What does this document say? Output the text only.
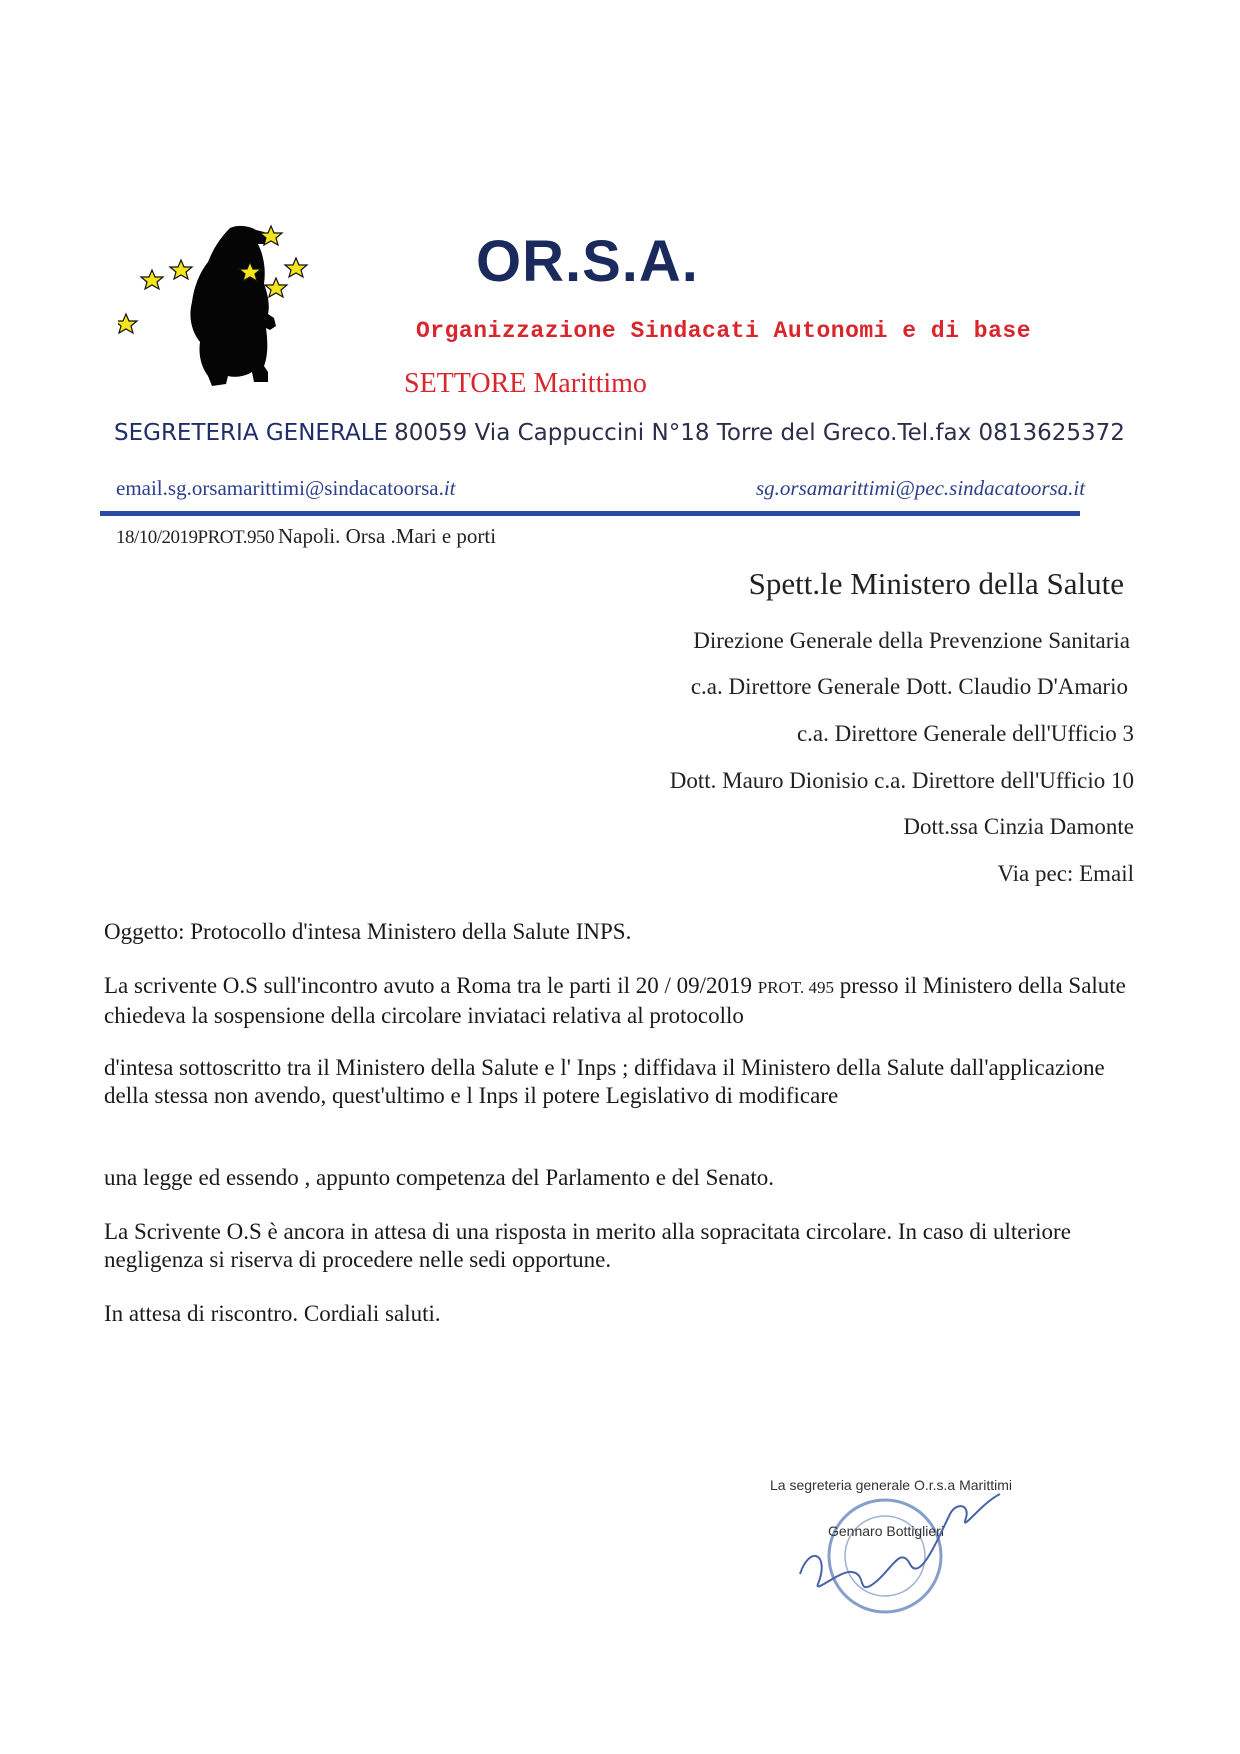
OR.S.A.
Organizzazione Sindacati Autonomi e di base
SETTORE Marittimo
SEGRETERIA GENERALE 80059 Via Cappuccini N°18 Torre del Greco.Tel.fax 0813625372
email.sg.orsamarittimi@sindacatoorsa.it	sg.orsamarittimi@pec.sindacatoorsa.it
18/10/2019PROT.950 Napoli. Orsa .Mari e porti
Spett.le Ministero della Salute
Direzione Generale della Prevenzione Sanitaria
c.a. Direttore Generale Dott. Claudio D'Amario
c.a. Direttore Generale dell'Ufficio 3
Dott. Mauro Dionisio c.a. Direttore dell'Ufficio 10
Dott.ssa Cinzia Damonte
Via pec: Email
Oggetto: Protocollo d'intesa Ministero della Salute INPS.
La scrivente O.S sull'incontro avuto a Roma tra le parti il 20 / 09/2019 PROT. 495 presso il Ministero della Salute chiedeva la sospensione della circolare inviataci relativa al protocollo
d'intesa sottoscritto tra il Ministero della Salute e l' Inps ; diffidava il Ministero della Salute dall'applicazione della stessa non avendo, quest'ultimo e l Inps il potere Legislativo di modificare
una legge ed essendo , appunto competenza del Parlamento e del Senato.
La Scrivente O.S è ancora in attesa di una risposta in merito alla sopracitata circolare. In caso di ulteriore negligenza si riserva di procedere nelle sedi opportune.
In attesa di riscontro. Cordiali saluti.
La segreteria generale O.r.s.a Marittimi
Gennaro Bottiglieri
